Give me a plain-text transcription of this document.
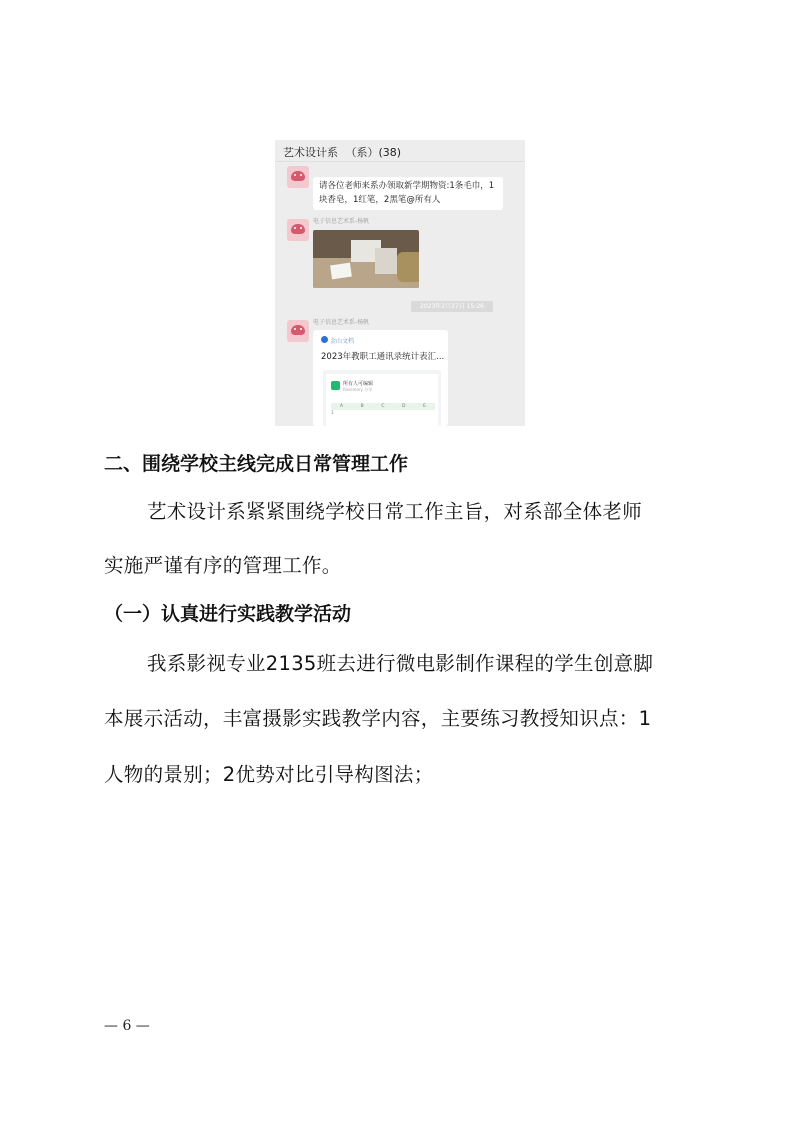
艺术设计系 （系）(38)
请各位老师来系办领取新学期物资:1条毛巾，1
块香皂，1红笔，2黑笔@所有人
电子信息艺术系-杨帆
2023年2月27日 15:26
电子信息艺术系-杨帆
金山文档
2023年教职工通讯录统计表汇...
所有人可编辑
Rosemary 分享
A	B	C	D	E
1
二、围绕学校主线完成日常管理工作
艺术设计系紧紧围绕学校日常工作主旨，对系部全体老师
实施严谨有序的管理工作。
（一）认真进行实践教学活动
我系影视专业2135班去进行微电影制作课程的学生创意脚
本展示活动，丰富摄影实践教学内容，主要练习教授知识点：1
人物的景别；2优势对比引导构图法；
— 6 —
